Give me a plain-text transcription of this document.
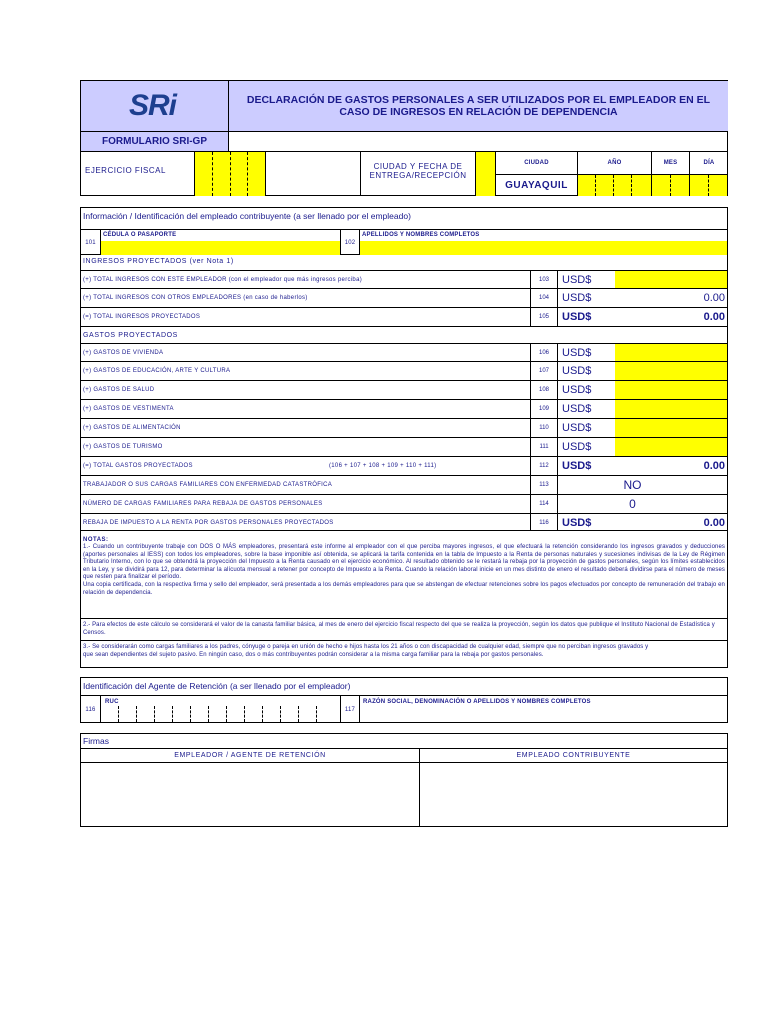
SRi
FORMULARIO SRI-GP
DECLARACIÓN DE GASTOS PERSONALES A SER UTILIZADOS POR EL EMPLEADOR EN EL
CASO DE INGRESOS EN RELACIÓN DE DEPENDENCIA
EJERCICIO FISCAL	CIUDAD Y FECHA DE
ENTREGA/RECEPCIÓN
CIUDAD	AÑO	MES	DÍA
GUAYAQUIL
Información / Identificación del empleado contribuyente (a ser llenado por el empleado)
101
CÉDULA O PASAPORTE
102
APELLIDOS Y NOMBRES COMPLETOS
INGRESOS PROYECTADOS (ver Nota 1)
(+) TOTAL INGRESOS CON ESTE EMPLEADOR (con el empleador que más ingresos perciba)	103	USD$
(+) TOTAL INGRESOS CON OTROS EMPLEADORES (en caso de haberlos)	104	USD$	0.00
(=) TOTAL INGRESOS PROYECTADOS	105	USD$	0.00
GASTOS PROYECTADOS
(+) GASTOS DE VIVIENDA	106	USD$
(+) GASTOS DE EDUCACIÓN, ARTE Y CULTURA	107	USD$
(+) GASTOS DE SALUD	108	USD$
(+) GASTOS DE VESTIMENTA	109	USD$
(+) GASTOS DE ALIMENTACIÓN	110	USD$
(+) GASTOS DE TURISMO	111	USD$
(=) TOTAL GASTOS PROYECTADOS	(106 + 107 + 108 + 109 + 110 + 111)	112	USD$	0.00
TRABAJADOR O SUS CARGAS FAMILIARES CON ENFERMEDAD CATASTRÓFICA	113	NO
NÚMERO DE CARGAS FAMILIARES PARA REBAJA DE GASTOS PERSONALES	114	0
REBAJA DE IMPUESTO A LA RENTA POR GASTOS PERSONALES PROYECTADOS	116	USD$	0.00
NOTAS:
1.- Cuando un contribuyente trabaje con DOS O MÁS empleadores, presentará este informe al empleador con el que perciba mayores ingresos, el que efectuará la retención considerando los ingresos gravados y deducciones (aportes personales al IESS) con todos los empleadores, sobre la base imponible así obtenida, se aplicará la tarifa contenida en la tabla de Impuesto a la Renta de personas naturales y sucesiones indivisas de la Ley de Régimen Tributario Interno, con lo que se obtendrá la proyección del Impuesto a la Renta causado en el ejercicio económico. Al resultado obtenido se le restará la rebaja por la proyección de gastos personales, según los límites establecidos en la Ley, y se dividirá para 12, para determinar la alícuota mensual a retener por concepto de Impuesto a la Renta. Cuando la relación laboral inicie en un mes distinto de enero el resultado deberá dividirse para el número de meses que resten para finalizar el período.
Una copia certificada, con la respectiva firma y sello del empleador, será presentada a los demás empleadores para que se abstengan de efectuar retenciones sobre los pagos efectuados por concepto de remuneración del trabajo en relación de dependencia.
2.- Para efectos de este cálculo se considerará el valor de la canasta familiar básica, al mes de enero del ejercicio fiscal respecto del que se realiza la proyección, según los datos que publique el Instituto Nacional de Estadística y Censos.
3.- Se considerarán como cargas familiares a los padres, cónyuge o pareja en unión de hecho e hijos hasta los 21 años o con discapacidad de cualquier edad, siempre que no perciban ingresos gravados y
que sean dependientes del sujeto pasivo. En ningún caso, dos o más contribuyentes podrán considerar a la misma carga familiar para la rebaja por gastos personales.
Identificación del Agente de Retención (a ser llenado por el empleador)
116
RUC
117
RAZÓN SOCIAL, DENOMINACIÓN O APELLIDOS Y NOMBRES COMPLETOS
Firmas
EMPLEADOR / AGENTE DE RETENCIÓN	EMPLEADO CONTRIBUYENTE
